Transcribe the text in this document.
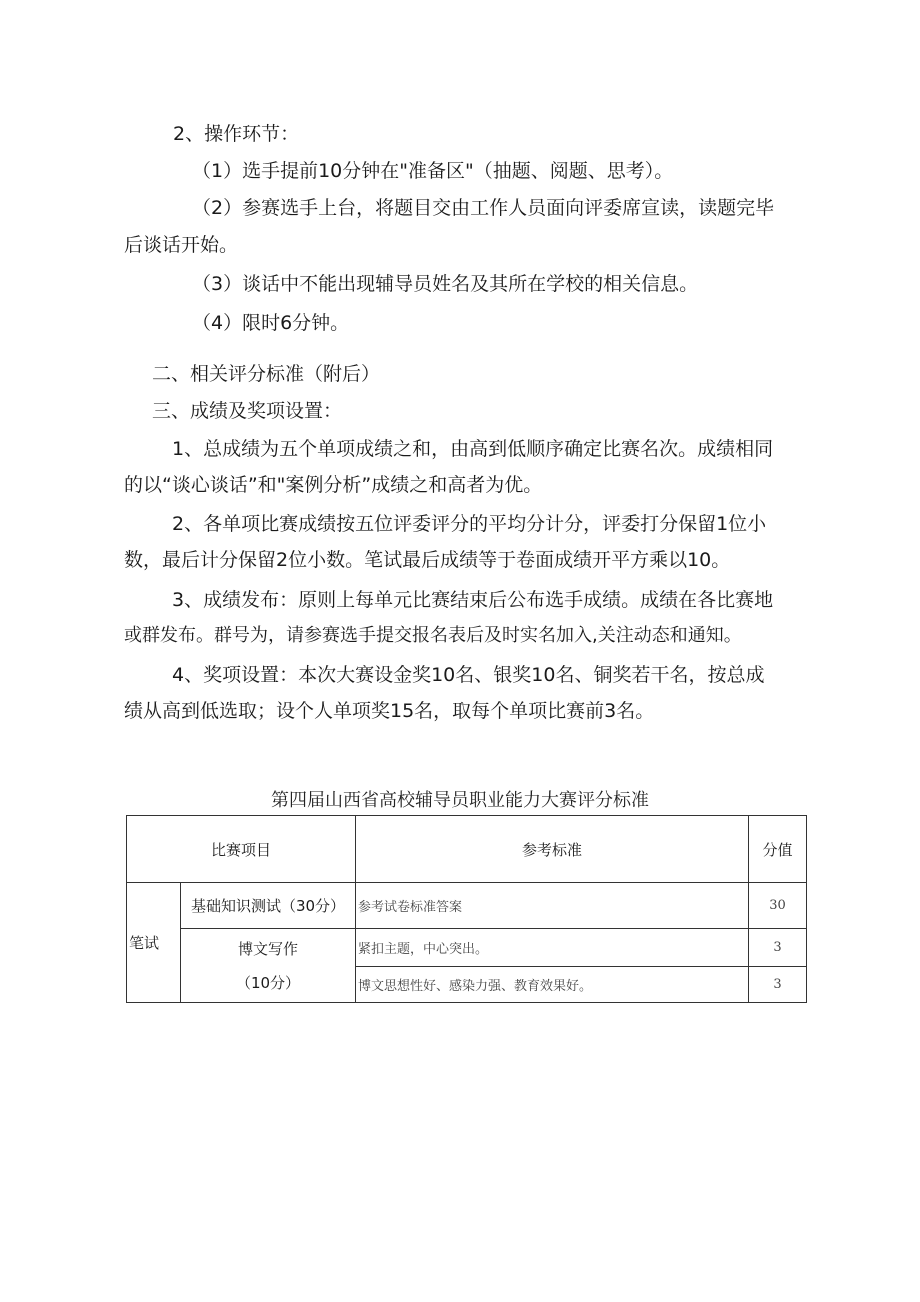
2、操作环节：
（1）选手提前10分钟在"准备区"（抽题、阅题、思考）。
（2）参赛选手上台，将题目交由工作人员面向评委席宣读，读题完毕
后谈话开始。
（3）谈话中不能出现辅导员姓名及其所在学校的相关信息。
（4）限时6分钟。
二、相关评分标准（附后）
三、成绩及奖项设置：
1、总成绩为五个单项成绩之和，由高到低顺序确定比赛名次。成绩相同
的以“谈心谈话”和"案例分析”成绩之和高者为优。
2、各单项比赛成绩按五位评委评分的平均分计分，评委打分保留1位小
数，最后计分保留2位小数。笔试最后成绩等于卷面成绩开平方乘以10。
3、成绩发布：原则上每单元比赛结束后公布选手成绩。成绩在各比赛地
或群发布。群号为，请参赛选手提交报名表后及时实名加入,关注动态和通知。
4、奖项设置：本次大赛设金奖10名、银奖10名、铜奖若干名，按总成
绩从高到低选取；设个人单项奖15名，取每个单项比赛前3名。
第四届山西省高校辅导员职业能力大赛评分标准
比赛项目		参考标准	分值
笔试	基础知识测试（30分）	参考试卷标准答案	30

	博文写作
（10分）	紧扣主题，中心突出。	3
		博文思想性好、感染力强、教育效果好。	3
